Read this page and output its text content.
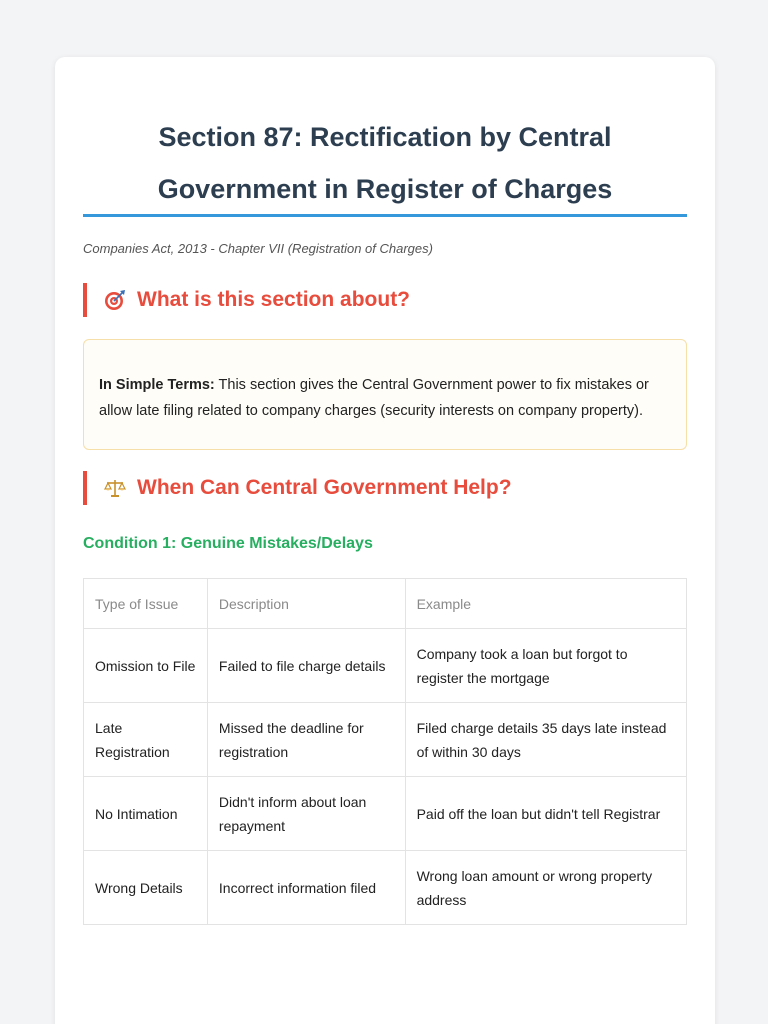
Section 87: Rectification by Central Government in Register of Charges
Companies Act, 2013 - Chapter VII (Registration of Charges)
What is this section about?
In Simple Terms: This section gives the Central Government power to fix mistakes or allow late filing related to company charges (security interests on company property).
When Can Central Government Help?
Condition 1: Genuine Mistakes/Delays
Type of Issue	Description	Example
Omission to File	Failed to file charge details	Company took a loan but forgot to register the mortgage
Late Registration	Missed the deadline for registration	Filed charge details 35 days late instead of within 30 days
No Intimation	Didn't inform about loan repayment	Paid off the loan but didn't tell Registrar
Wrong Details	Incorrect information filed	Wrong loan amount or wrong property address
